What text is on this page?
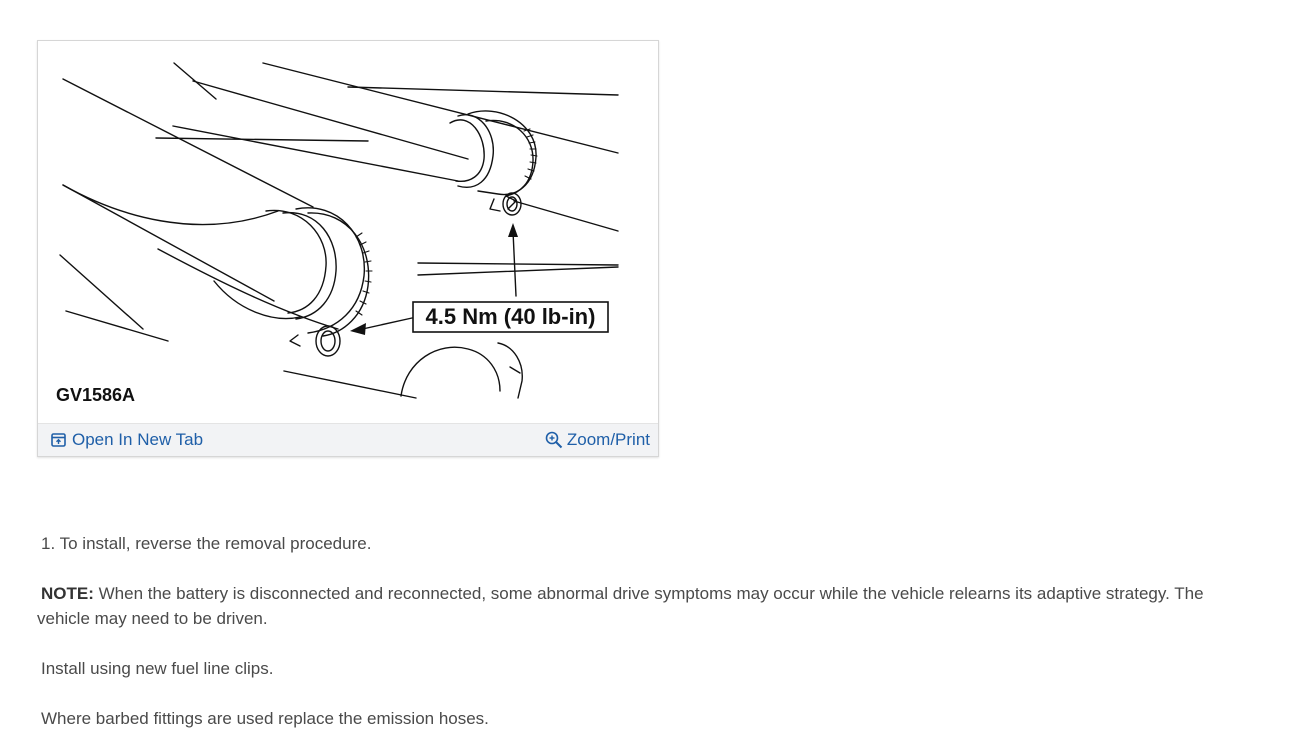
4.5 Nm (40 lb-in)
GV1586A
Open In New Tab	Zoom/Print
1. To install, reverse the removal procedure.
NOTE: When the battery is disconnected and reconnected, some abnormal drive symptoms may occur while the vehicle relearns its adaptive strategy. The vehicle may need to be driven.
Install using new fuel line clips.
Where barbed fittings are used replace the emission hoses.
